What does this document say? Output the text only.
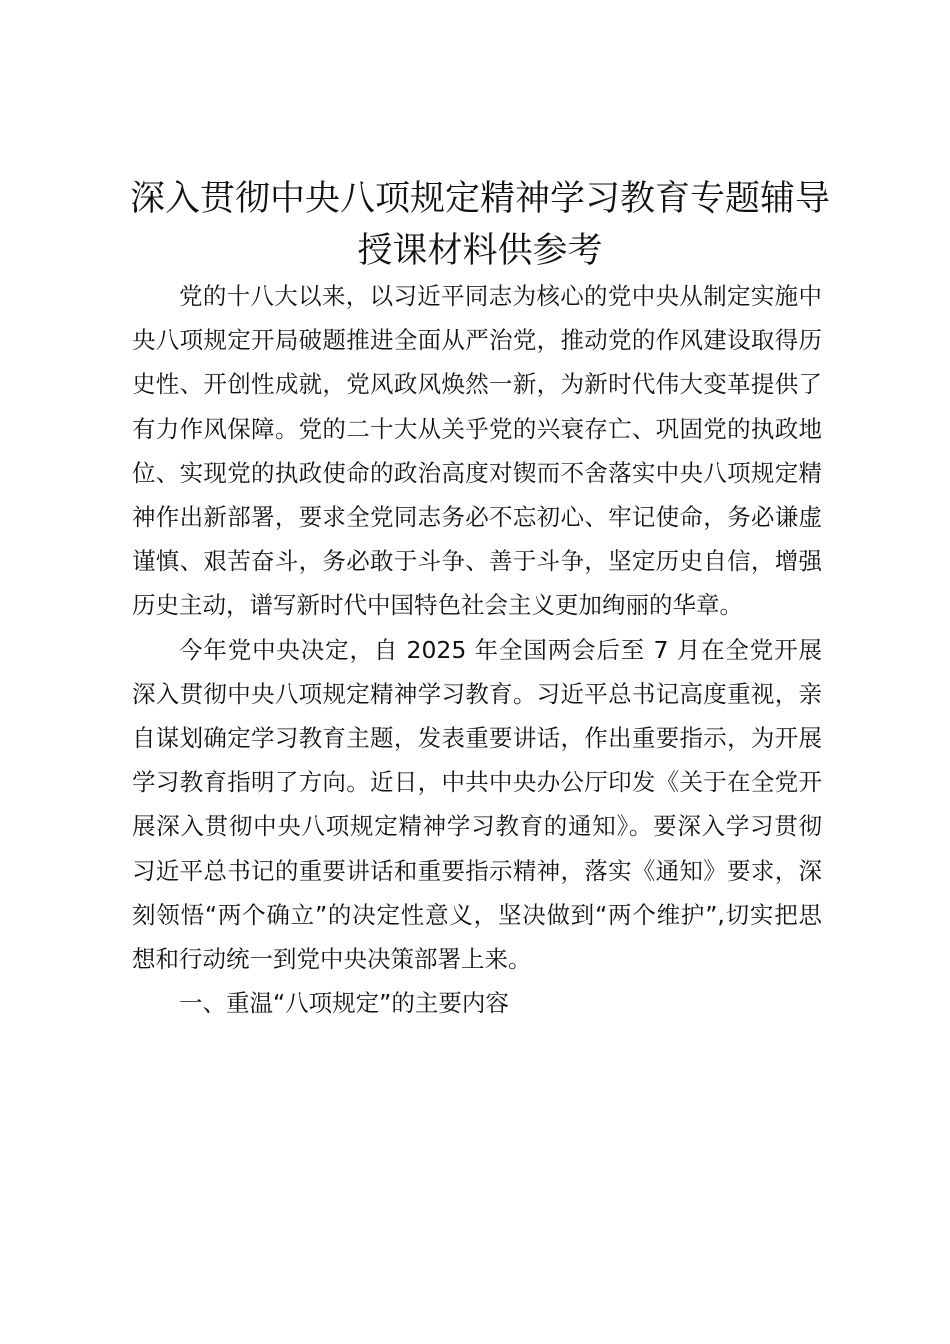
深入贯彻中央八项规定精神学习教育专题辅导
授课材料供参考

党的十八大以来，以习近平同志为核心的党中央从制定实施中央八项规定开局破题推进全面从严治党，推动党的作风建设取得历史性、开创性成就，党风政风焕然一新，为新时代伟大变革提供了有力作风保障。党的二十大从关乎党的兴衰存亡、巩固党的执政地位、实现党的执政使命的政治高度对锲而不舍落实中央八项规定精神作出新部署，要求全党同志务必不忘初心、牢记使命，务必谦虚谨慎、艰苦奋斗，务必敢于斗争、善于斗争，坚定历史自信，增强历史主动，谱写新时代中国特色社会主义更加绚丽的华章。

今年党中央决定，自 2025 年全国两会后至 7 月在全党开展深入贯彻中央八项规定精神学习教育。习近平总书记高度重视，亲自谋划确定学习教育主题，发表重要讲话，作出重要指示，为开展学习教育指明了方向。近日，中共中央办公厅印发《关于在全党开展深入贯彻中央八项规定精神学习教育的通知》。要深入学习贯彻习近平总书记的重要讲话和重要指示精神，落实《通知》要求，深刻领悟“两个确立”的决定性意义，坚决做到“两个维护”,切实把思想和行动统一到党中央决策部署上来。

一、重温“八项规定”的主要内容
